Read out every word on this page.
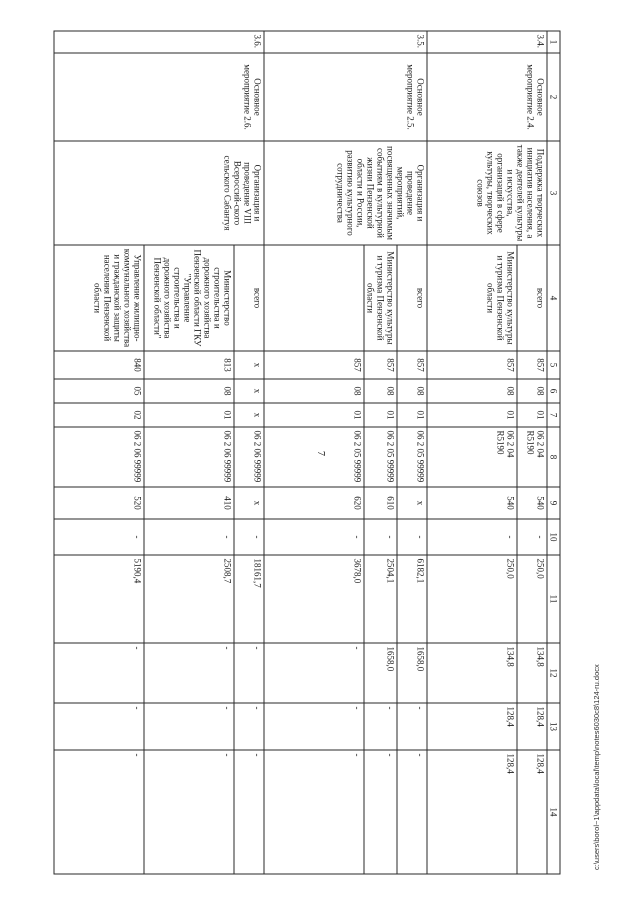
7
1	2	3	4	5	6	7	8	9	10	11	12	13	14
3.4.	Основное мероприятие 2.4.	Поддержка творческих инициатив населения, а также деятелей культуры и искусства, организаций в сфере культуры, творческих союзов	всего	857	08	01	06 2 04 R5190	540	-	250,0	134,8	128,4	128,4
			Министерство культуры и туризма Пензенской области	857	08	01	06 2 04 R5190	540	-	250,0	134,8	128,4	128,4
3.5.	Основное мероприятие 2.5.	Организация и проведение мероприятий, посвященных значимым событиям в культурной жизни Пензенской области и России, развитию культурного сотрудничества	всего	857	08	01	06 2 05 99999	х	-	6182,1	1658,0	-	-
			Министерство культуры и туризма Пензенской области	857	08	01	06 2 05 99999	610	-	2504,1	1658,0	-	-
				857	08	01	06 2 05 99999	620	-	3678,0	-	-	-
3.6.	Основное мероприятие 2.6.	Организация и проведение VIII Всероссий-ского сельского Сабантуя	всего	х	х	х	06 2 06 99999	х	-	18161,7	-	-	-
			Министерство строительства и дорожного хозяйства Пензенской области ГКУ "Управление строительства и дорожного хозяйства Пензенской области"	813	08	01	06 2 06 99999	410	-	2508,7	-	-	-
			Управление жилищно-коммунального хозяйства и гражданской защиты населения Пензенской области	840	05	02	06 2 06 99999	520	-	5190,4	-	-	-	c:\users\borol~1\appdata\local\temp\notes6030c8\124-ru.docx
